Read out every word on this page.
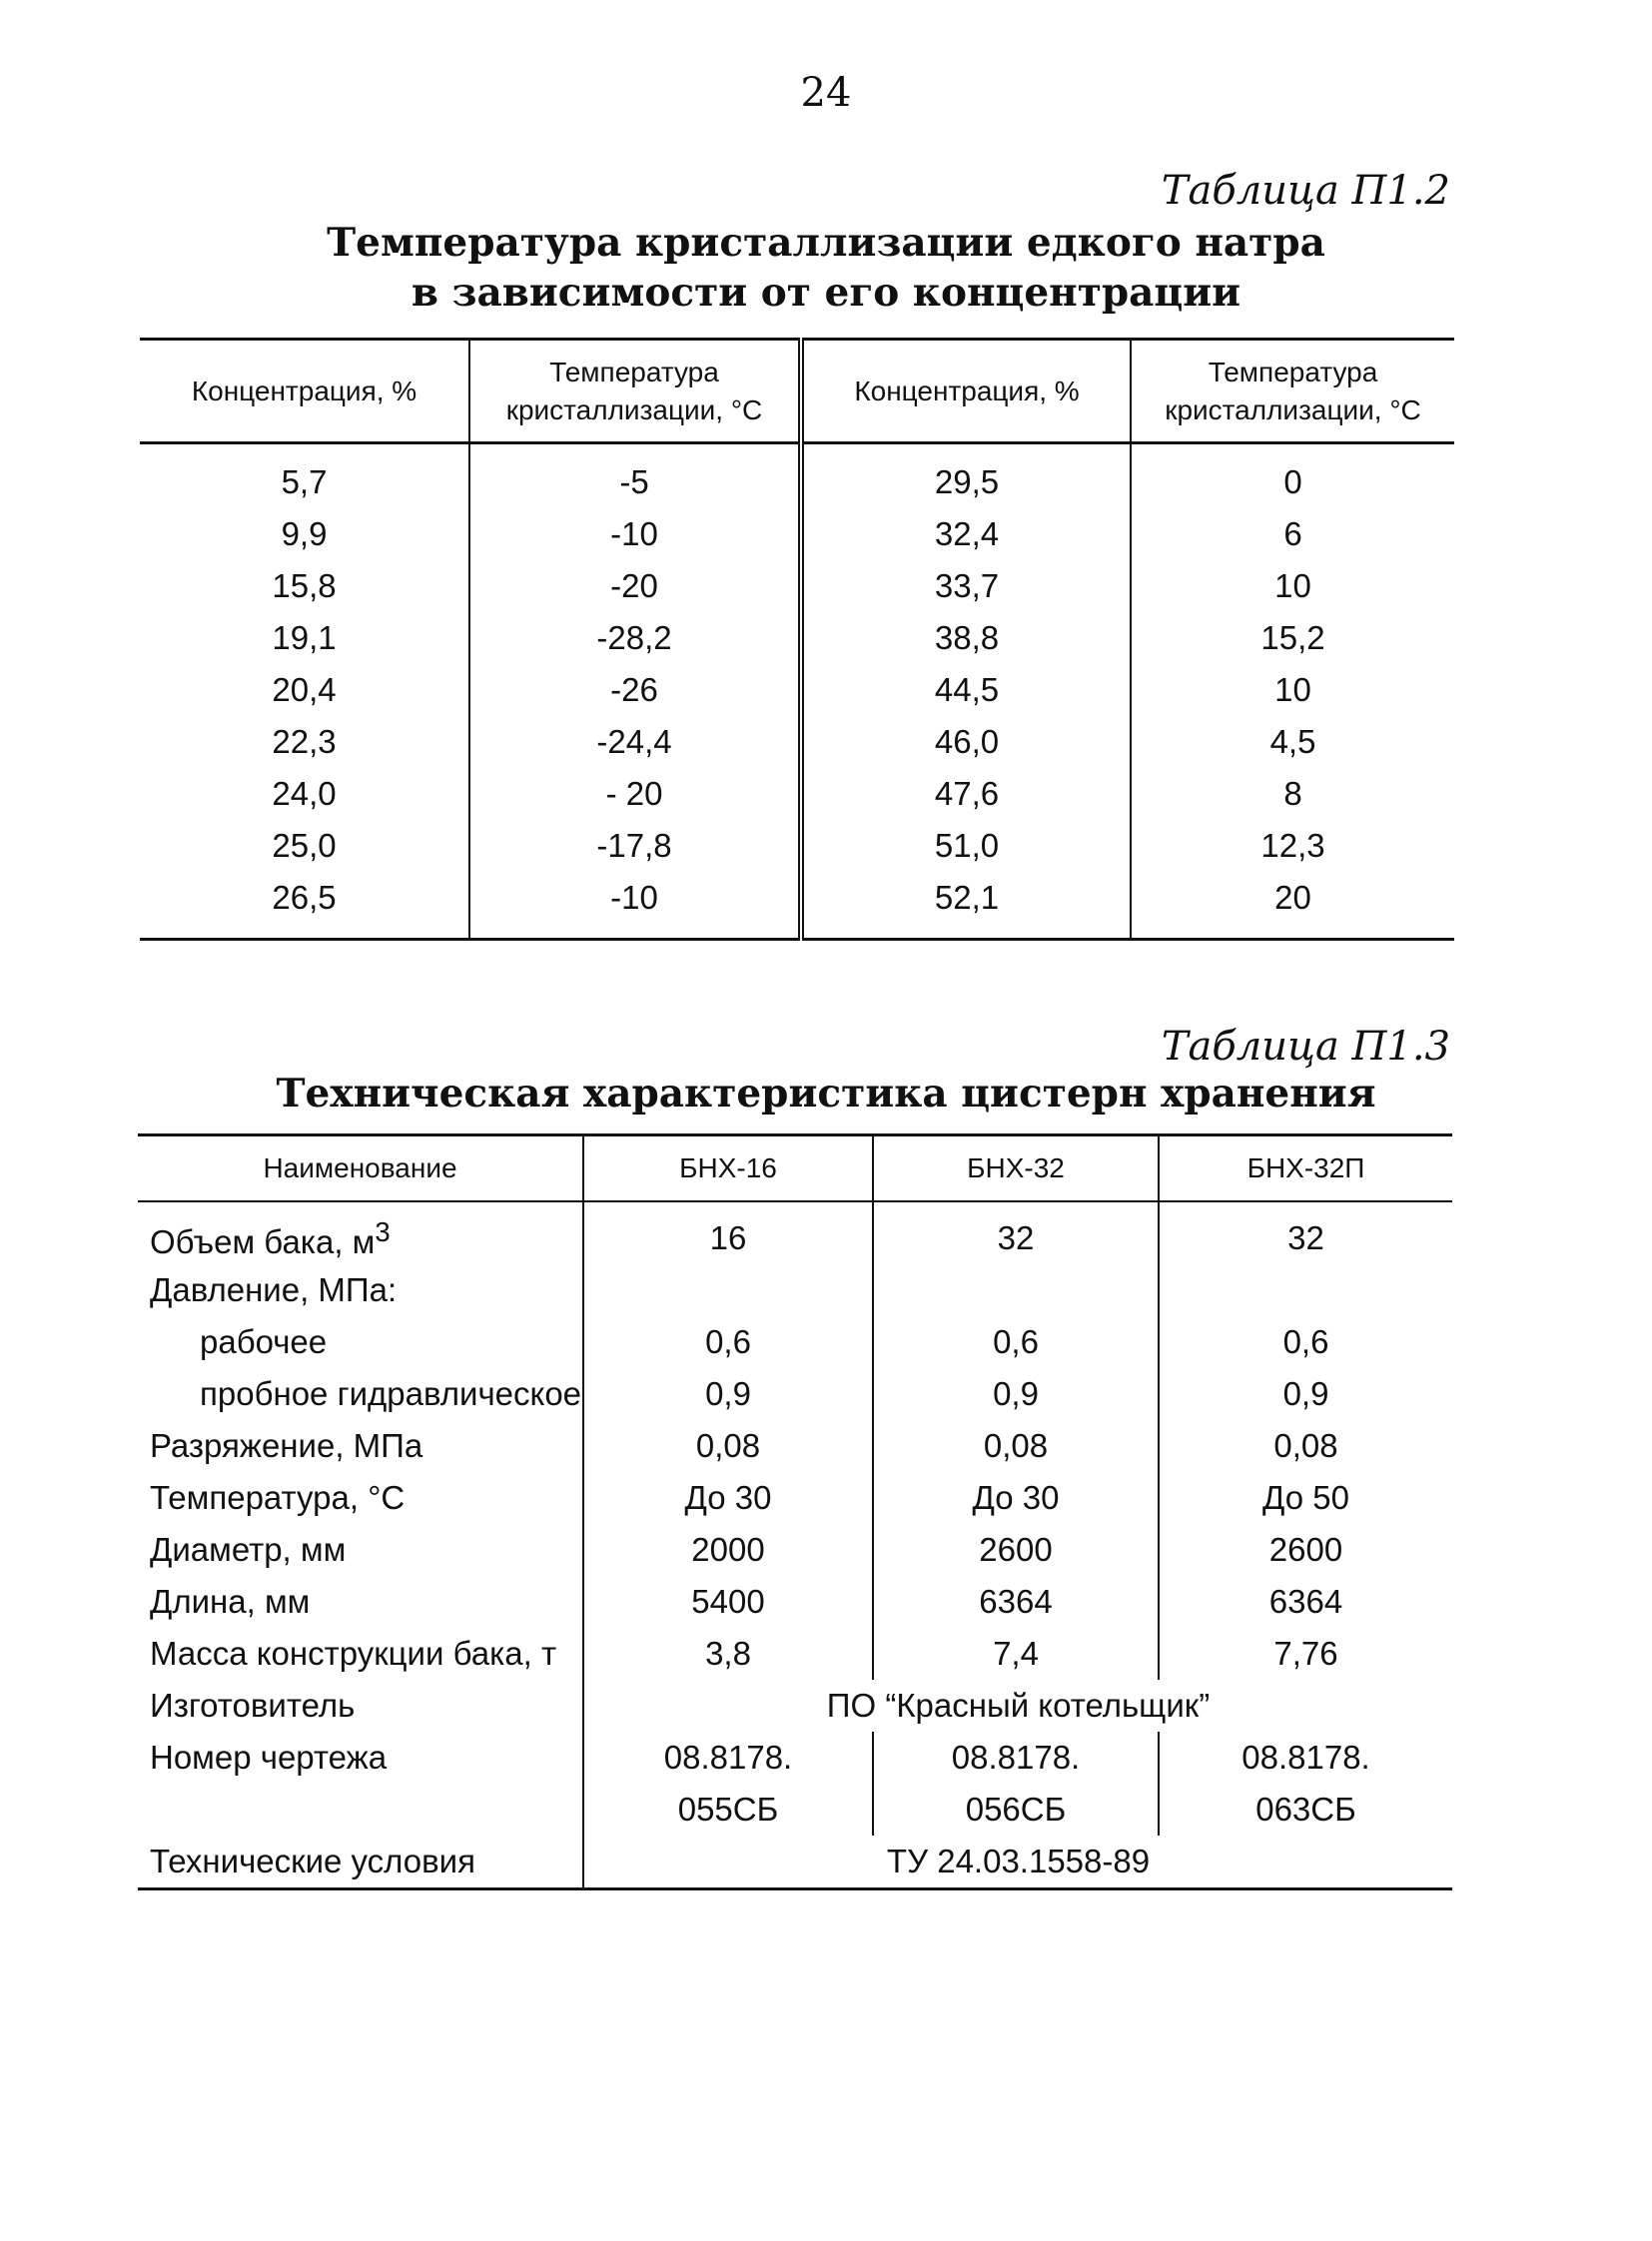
24
Таблица П1.2
Температура кристаллизации едкого натра
в зависимости от его концентрации
Концентрация, %	Температура кристаллизации, °С	Концентрация, %	Температура кристаллизации, °С
5,7	-5	29,5	0
9,9	-10	32,4	6
15,8	-20	33,7	10
19,1	-28,2	38,8	15,2
20,4	-26	44,5	10
22,3	-24,4	46,0	4,5
24,0	- 20	47,6	8
25,0	-17,8	51,0	12,3
26,5	-10	52,1	20
Таблица П1.3
Техническая характеристика цистерн хранения
Наименование	БНХ-16	БНХ-32	БНХ-32П
Объем бака, $м^3$	16	32	32
Давление, МПа:			
рабочее	0,6	0,6	0,6
пробное гидравлическое	0,9	0,9	0,9
Разряжение, МПа	0,08	0,08	0,08
Температура, °С	До 30	До 30	До 50
Диаметр, мм	2000	2600	2600
Длина, мм	5400	6364	6364
Масса конструкции бака, т	3,8	7,4	7,76
Изготовитель	ПО “Красный котельщик”		
Номер чертежа	08.8178.	08.8178.	08.8178.
	055СБ	056СБ	063СБ
Технические условия	ТУ 24.03.1558-89		
